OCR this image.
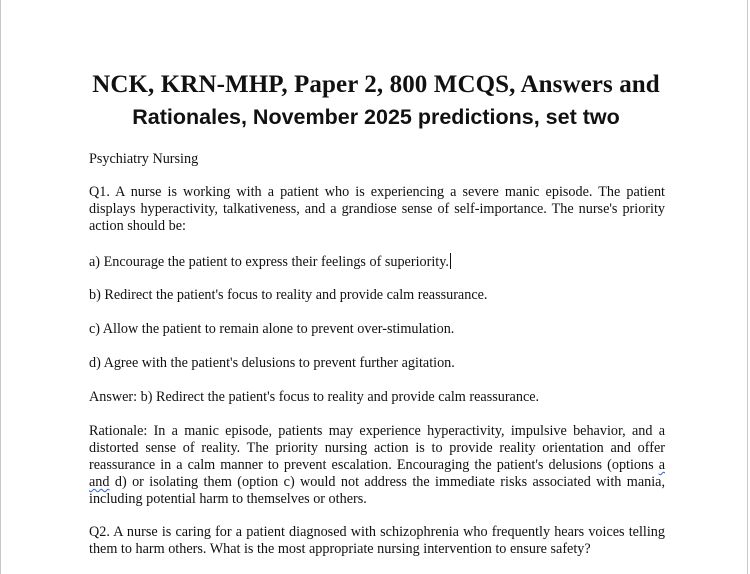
NCK, KRN-MHP, Paper 2, 800 MCQS, Answers and
Rationales, November 2025 predictions, set two

Psychiatry Nursing

Q1. A nurse is working with a patient who is experiencing a severe manic episode. The patient displays hyperactivity, talkativeness, and a grandiose sense of self-importance. The nurse's priority action should be:

a) Encourage the patient to express their feelings of superiority.

b) Redirect the patient's focus to reality and provide calm reassurance.

c) Allow the patient to remain alone to prevent over-stimulation.

d) Agree with the patient's delusions to prevent further agitation.

Answer: b) Redirect the patient's focus to reality and provide calm reassurance.

Rationale: In a manic episode, patients may experience hyperactivity, impulsive behavior, and a distorted sense of reality. The priority nursing action is to provide reality orientation and offer reassurance in a calm manner to prevent escalation. Encouraging the patient's delusions (options a and d) or isolating them (option c) would not address the immediate risks associated with mania, including potential harm to themselves or others.

Q2. A nurse is caring for a patient diagnosed with schizophrenia who frequently hears voices telling them to harm others. What is the most appropriate nursing intervention to ensure safety?
